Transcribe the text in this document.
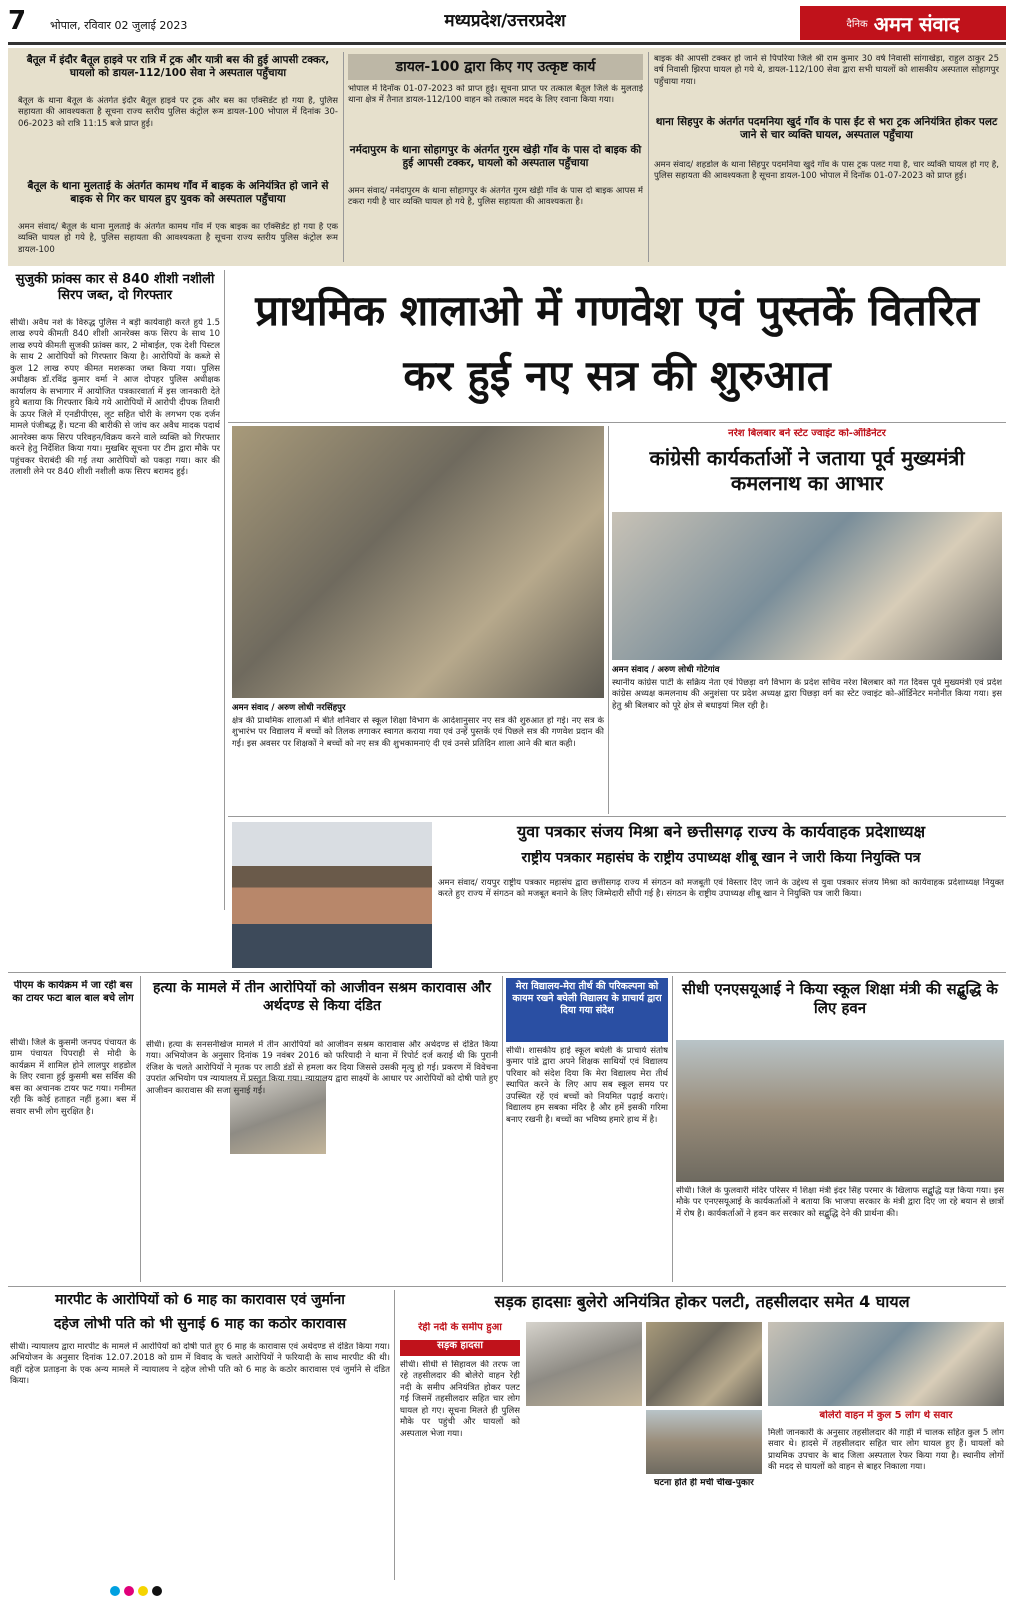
7	भोपाल, रविवार 02 जुलाई 2023	मध्यप्रदेश/उत्तरप्रदेश	दैनिक अमन संवाद
बैतूल में इंदौर बैतूल हाइवे पर रात्रि में ट्रक और यात्री बस की हुई आपसी टक्कर, घायलो को डायल-112/100 सेवा ने अस्पताल पहुँचाया
बैतूल के थाना बैतूल के अंतर्गत इंदौर बैतूल हाइवे पर ट्रक और बस का एक्सिडेंट हो गया है, पुलिस सहायता की आवश्यकता है सूचना राज्य स्तरीय पुलिस कंट्रोल रूम डायल-100 भोपाल में दिनांक 30-06-2023 को रात्रि 11:15 बजे प्राप्त हुई।
बैतूल के थाना मुलताई के अंतर्गत कामथ गाँव में बाइक के अनियंत्रित हो जाने से बाइक से गिर कर घायल हुए युवक को अस्पताल पहुँचाया
अमन संवाद/ बैतूल के थाना मुलताई के अंतर्गत कामथ गाँव में एक बाइक का एक्सिडेंट हो गया है एक व्यक्ति घायल हो गये है, पुलिस सहायता की आवश्यकता है सूचना राज्य स्तरीय पुलिस कंट्रोल रूम डायल-100
डायल-100 द्वारा किए गए उत्कृष्ट कार्य
भोपाल में दिनॉक 01-07-2023 को प्राप्त हुई। सूचना प्राप्त पर तत्काल बैतूल जिले के मुलताई थाना क्षेत्र में तैनात डायल-112/100 वाहन को तत्काल मदद के लिए रवाना किया गया।
नर्मदापुरम के थाना सोहागपुर के अंतर्गत गुरम खेड़ी गाँव के पास दो बाइक की हुई आपसी टक्कर, घायलो को अस्पताल पहुँचाया
अमन संवाद/ नर्मदापुरम के थाना सोहागपुर के अंतर्गत गुरम खेड़ी गाँव के पास दो बाइक आपस में टकरा गयी है चार व्यक्ति घायल हो गये है, पुलिस सहायता की आवश्यकता है।
बाइक की आपसी टक्कर हो जाने से पिपरिया जिले श्री राम कुमार 30 वर्ष निवासी सांगाखेड़ा, राहुल ठाकुर 25 वर्ष निवासी झिरपा घायल हो गये थे, डायल-112/100 सेवा द्वारा सभी घायलों को शासकीय अस्पताल सोहागपुर पहुँचाया गया।
थाना सिहपुर के अंतर्गत पदमनिया खुर्द गाँव के पास ईंट से भरा ट्रक अनियंत्रित होकर पलट जाने से चार व्यक्ति घायल, अस्पताल पहुँचाया
अमन संवाद/ शहडोल के थाना सिंहपुर पदमनिया खुर्द गाँव के पास ट्रक पलट गया है, चार व्यक्ति घायल हो गए है, पुलिस सहायता की आवश्यकता है सूचना डायल-100 भोपाल में दिनॉक 01-07-2023 को प्राप्त हुई।
सुजुकी फ्रांक्स कार से 840 शीशी नशीली सिरप जब्त, दो गिरफ्तार
सीधी। अवैध नशे के विरुद्ध पुलिस ने बड़ी कार्यवाही करते हुये 1.5 लाख रुपये कीमती 840 शीशी आनरेक्स कफ सिरप के साथ 10 लाख रुपये कीमती सुजकी फ्रांक्स कार, 2 मोबाईल, एक देशी पिस्टल के साथ 2 आरोपियों को गिरफ्तार किया है। आरोपियों के कब्जे से कुल 12 लाख रुपए कीमत मशरूका जब्त किया गया। पुलिस अधीक्षक डॉ.रविंद्र कुमार वर्मा ने आज दोपहर पुलिस अधीक्षक कार्यालय के सभागार में आयोजित पत्रकारवार्ता में इस जानकारी देते हुये बताया कि गिरफ्तार किये गये आरोपियों में आरोपी दीपक तिवारी के ऊपर जिले में एनडीपीएस, लूट सहित चोरी के लगभग एक दर्जन मामले पंजीबद्ध हैं। घटना की बारीकी से जांच कर अवैध मादक पदार्थ आनरेक्स कफ सिरप परिवहन/विक्रय करने वाले व्यक्ति को गिरफ्तार करने हेतु निर्देशित किया गया। मुखबिर सूचना पर टीम द्वारा मौके पर पहुंचकर घेराबंदी की गई तथा आरोपियों को पकड़ा गया। कार की तलाशी लेने पर 840 शीशी नशीली कफ सिरप बरामद हुई।
प्राथमिक शालाओ में गणवेश एवं पुस्तकें वितरित कर हुई नए सत्र की शुरुआत
अमन संवाद / अरुण लोधी नरसिंहपुर
क्षेत्र की प्राथमिक शालाओं में बीते शनिवार से स्कूल शिक्षा विभाग के आदेशानुसार नए सत्र की शुरुआत हो गई। नए सत्र के शुभारंभ पर विद्यालय में बच्चों को तिलक लगाकर स्वागत कराया गया एवं उन्हें पुस्तकें एवं पिछले सत्र की गणवेश प्रदान की गई। इस अवसर पर शिक्षकों ने बच्चों को नए सत्र की शुभकामनाएं दी एवं उनसे प्रतिदिन शाला आने की बात कही।
नरेश बिलबार बने स्टेट ज्वाइंट को-ऑर्डिनेटर
कांग्रेसी कार्यकर्ताओं ने जताया पूर्व मुख्यमंत्री कमलनाथ का आभार
अमन संवाद / अरुण लोधी गोटेगांव
स्थानीय कांग्रेस पार्टी के सक्रिय नेता एवं पिछड़ा वर्ग विभाग के प्रदेश सचिव नरेश बिलबार को गत दिवस पूर्व मुख्यमंत्री एवं प्रदेश कांग्रेस अध्यक्ष कमलनाथ की अनुशंसा पर प्रदेश अध्यक्ष द्वारा पिछड़ा वर्ग का स्टेट ज्वाइंट को-ऑर्डिनेटर मनोनीत किया गया। इस हेतु श्री बिलबार को पूरे क्षेत्र से बधाइयां मिल रही है।
युवा पत्रकार संजय मिश्रा बने छत्तीसगढ़ राज्य के कार्यवाहक प्रदेशाध्यक्ष
राष्ट्रीय पत्रकार महासंघ के राष्ट्रीय उपाध्यक्ष शीबू खान ने जारी किया नियुक्ति पत्र
अमन संवाद/ रायपुर राष्ट्रीय पत्रकार महासंघ द्वारा छत्तीसगढ़ राज्य में संगठन को मजबूती एवं विस्तार दिए जाने के उद्देश्य से युवा पत्रकार संजय मिश्रा को कार्यवाहक प्रदेशाध्यक्ष नियुक्त करते हुए राज्य में संगठन को मजबूत बनाने के लिए जिम्मेदारी सौंपी गई है। संगठन के राष्ट्रीय उपाध्यक्ष शीबू खान ने नियुक्ति पत्र जारी किया।
पीएम के कार्यक्रम में जा रही बस का टायर फटा बाल बाल बचे लोग
सीधी। जिले के कुसमी जनपद पंचायत के ग्राम पंचायत पिपराही से मोदी के कार्यक्रम में शामिल होने लालपुर शहडोल के लिए रवाना हुई कुसमी बस सर्विस की बस का अचानक टायर फट गया। गनीमत रही कि कोई हताहत नहीं हुआ। बस में सवार सभी लोग सुरक्षित है।
हत्या के मामले में तीन आरोपियों को आजीवन सश्रम कारावास और अर्थदण्ड से किया दंडित
सीधी। हत्या के सनसनीखेज मामले में तीन आरोपियों को आजीवन सश्रम कारावास और अर्थदण्ड से दंडित किया गया। अभियोजन के अनुसार दिनांक 19 नवंबर 2016 को फरियादी ने थाना में रिपोर्ट दर्ज कराई थी कि पुरानी रंजिश के चलते आरोपियों ने मृतक पर लाठी डंडों से हमला कर दिया जिससे उसकी मृत्यु हो गई। प्रकरण में विवेचना उपरांत अभियोग पत्र न्यायालय में प्रस्तुत किया गया। न्यायालय द्वारा साक्ष्यों के आधार पर आरोपियों को दोषी पाते हुए आजीवन कारावास की सजा सुनाई गई।
मेरा विद्यालय-मेरा तीर्थ की परिकल्पना को कायम रखने बघेली विद्यालय के प्राचार्य द्वारा दिया गया संदेश
सीधी। शासकीय हाई स्कूल बघेली के प्राचार्य संतोष कुमार पांडे द्वारा अपने शिक्षक साथियों एवं विद्यालय परिवार को संदेश दिया कि मेरा विद्यालय मेरा तीर्थ स्थापित करने के लिए आप सब स्कूल समय पर उपस्थित रहें एवं बच्चों को नियमित पढ़ाई कराएं। विद्यालय हम सबका मंदिर है और हमें इसकी गरिमा बनाए रखनी है। बच्चों का भविष्य हमारे हाथ में है।
सीधी एनएसयूआई ने किया स्कूल शिक्षा मंत्री की सद्बुद्धि के लिए हवन
सीधी। जिले के फुलवारी मंदिर परिसर में शिक्षा मंत्री इंदर सिंह परमार के खिलाफ सद्बुद्धि यज्ञ किया गया। इस मौके पर एनएसयूआई के कार्यकर्ताओं ने बताया कि भाजपा सरकार के मंत्री द्वारा दिए जा रहे बयान से छात्रों में रोष है। कार्यकर्ताओं ने हवन कर सरकार को सद्बुद्धि देने की प्रार्थना की।
मारपीट के आरोपियों को 6 माह का कारावास एवं जुर्माना
दहेज लोभी पति को भी सुनाई 6 माह का कठोर कारावास
सीधी। न्यायालय द्वारा मारपीट के मामले में आरोपियों को दोषी पाते हुए 6 माह के कारावास एवं अर्थदण्ड से दंडित किया गया। अभियोजन के अनुसार दिनांक 12.07.2018 को ग्राम में विवाद के चलते आरोपियों ने फरियादी के साथ मारपीट की थी। वहीं दहेज प्रताड़ना के एक अन्य मामले में न्यायालय ने दहेज लोभी पति को 6 माह के कठोर कारावास एवं जुर्माने से दंडित किया।
सड़क हादसाः बुलेरो अनियंत्रित होकर पलटी, तहसीलदार समेत 4 घायल
रेही नदी के समीप हुआ
सड़क हादसा
सीधी। सीधी से सिहावल की तरफ जा रहे तहसीलदार की बोलेरो वाहन रेही नदी के समीप अनियंत्रित होकर पलट गई जिसमें तहसीलदार सहित चार लोग घायल हो गए। सूचना मिलते ही पुलिस मौके पर पहुंची और घायलों को अस्पताल भेजा गया।
घटना होते ही मची चीख-पुकार
बोलेरो वाहन में कुल 5 लोग थे सवार
मिली जानकारी के अनुसार तहसीलदार की गाड़ी में चालक सहित कुल 5 लोग सवार थे। हादसे में तहसीलदार सहित चार लोग घायल हुए हैं। घायलों को प्राथमिक उपचार के बाद जिला अस्पताल रेफर किया गया है। स्थानीय लोगों की मदद से घायलों को वाहन से बाहर निकाला गया।
